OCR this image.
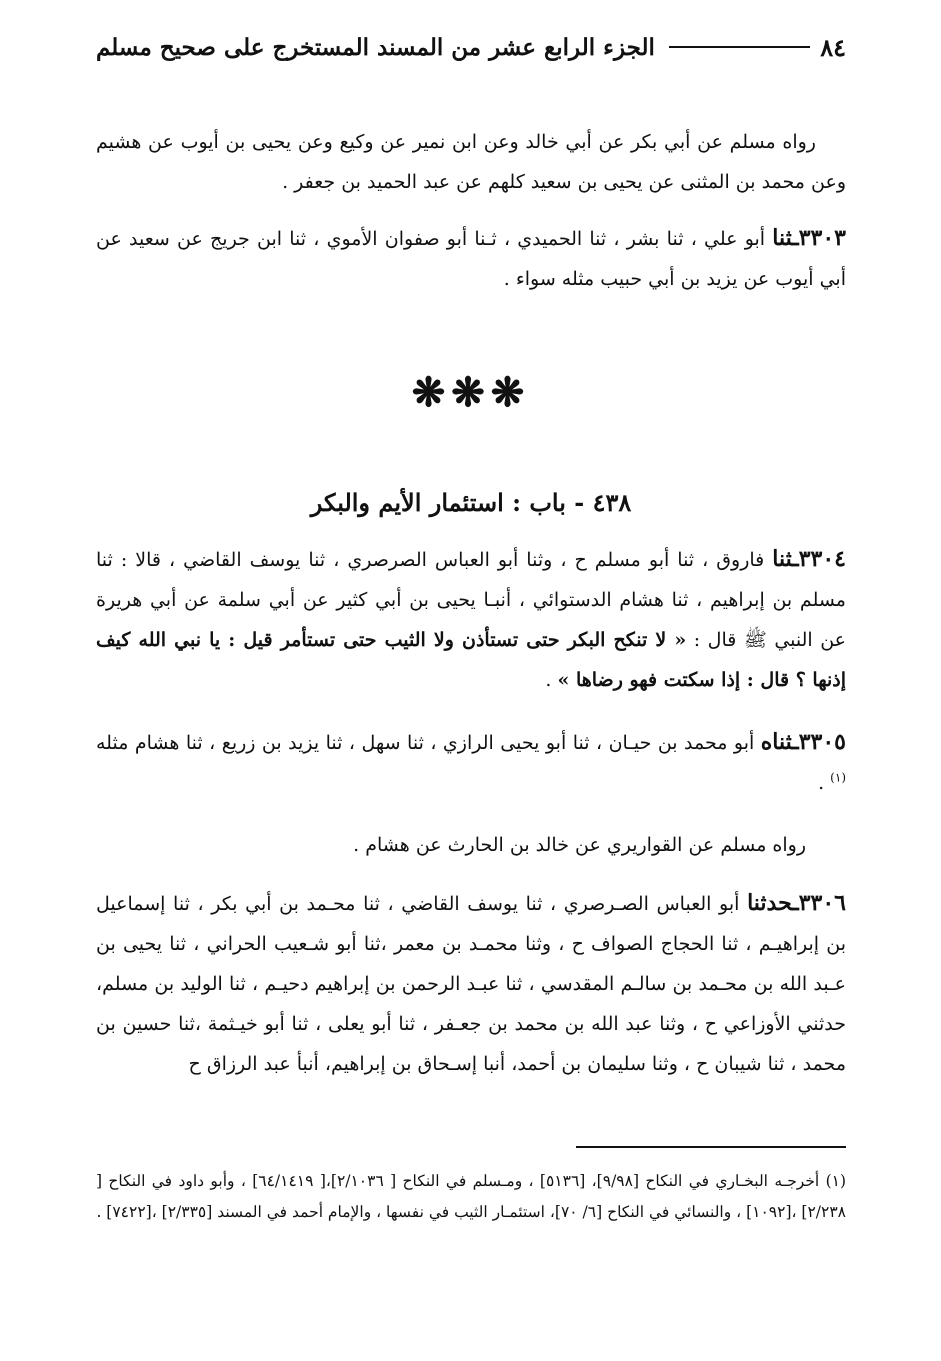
٨٤
الجزء الرابع عشر من المسند المستخرج على صحيح مسلم

رواه مسلم عن أبي بكر عن أبي خالد وعن ابن نمير عن وكيع وعن يحيى بن أيوب عن هشيم وعن محمد بن المثنى عن يحيى بن سعيد كلهم عن عبد الحميد بن جعفر .

٣٣٠٣ـثنا أبو علي ، ثنا بشر ، ثنا الحميدي ، ثـنا أبو صفوان الأموي ، ثنا ابن جريج عن سعيد عن أبي أيوب عن يزيد بن أبي حبيب مثله سواء .

❋❋❋
٤٣٨ - باب : استئمار الأيم والبكر

٣٣٠٤ـثنا فاروق ، ثنا أبو مسلم ح ، وثنا أبو العباس الصرصري ، ثنا يوسف القاضي ، قالا : ثنا مسلم بن إبراهيم ، ثنا هشام الدستوائي ، أنبـا يحيى بن أبي كثير عن أبي سلمة عن أبي هريرة عن النبي ﷺ قال : « لا تنكح البكر حتى تستأذن ولا الثيب حتى تستأمر قيل : يا نبي الله كيف إذنها ؟ قال : إذا سكتت فهو رضاها » .

٣٣٠٥ـثناه أبو محمد بن حيـان ، ثنا أبو يحيى الرازي ، ثنا سهل ، ثنا يزيد بن زريع ، ثنا هشام مثله $^{(١)}$ .

رواه مسلم عن القواريري عن خالد بن الحارث عن هشام .

٣٣٠٦ـحدثنا أبو العباس الصـرصري ، ثنا يوسف القاضي ، ثنا محـمد بن أبي بكر ، ثنا إسماعيل بن إبراهيـم ، ثنا الحجاج الصواف ح ، وثنا محمـد بن معمر ،ثنا أبو شـعيب الحراني ، ثنا يحيى بن عـبد الله بن محـمد بن سالـم المقدسي ، ثنا عبـد الرحمن بن إبراهيم دحيـم ، ثنا الوليد بن مسلم، حدثني الأوزاعي ح ، وثنا عبد الله بن محمد بن جعـفر ، ثنا أبو يعلى ، ثنا أبو خيـثمة ،ثنا حسين بن محمد ، ثنا شيبان ح ، وثنا سليمان بن أحمد، أنبا إسـحاق بن إبراهيم، أنبأ عبد الرزاق ح

(١) أخرجـه البخـاري في النكاح [٩/٩٨]، [٥١٣٦] ، ومـسلم في النكاح [ ٢/١٠٣٦]،[ ٦٤/١٤١٩] ، وأبو داود في النكاح [ ٢/٢٣٨] ،[١٠٩٢] ، والنسائي في النكاح [٦/ ٧٠]، استئمـار الثيب في نفسها ، والإمام أحمد في المسند [٢/٣٣٥] ،[٧٤٢٢] .
